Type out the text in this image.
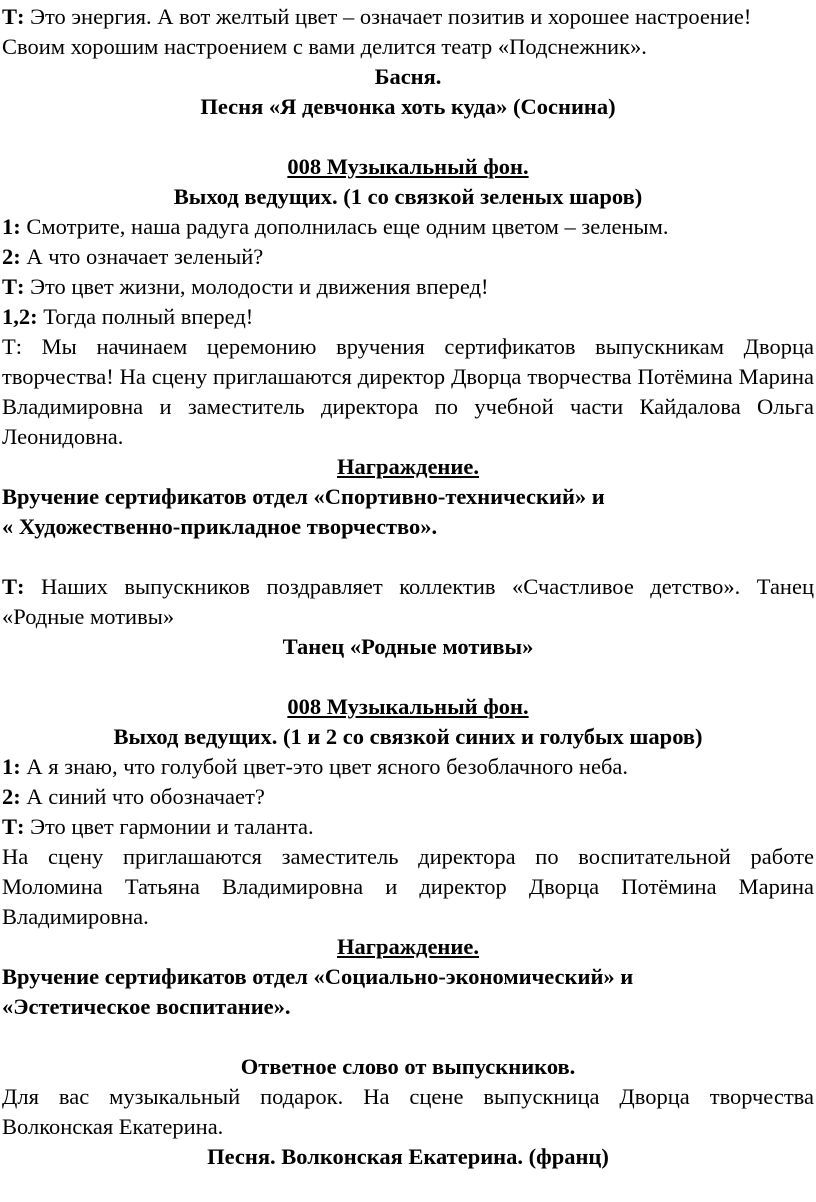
Т: Это энергия. А вот желтый цвет – означает позитив и хорошее настроение!

Своим хорошим настроением с вами делится театр «Подснежник».

Басня.

Песня «Я девчонка хоть куда» (Соснина)

008 Музыкальный фон.

Выход ведущих. (1 со связкой зеленых шаров)

1: Смотрите, наша радуга дополнилась еще одним цветом – зеленым.

2: А что означает зеленый?

Т: Это цвет жизни, молодости и движения вперед!

1,2: Тогда полный вперед!

Т: Мы начинаем церемонию вручения сертификатов выпускникам Дворца творчества! На сцену приглашаются директор Дворца творчества Потёмина Марина Владимировна и заместитель директора по учебной части Кайдалова Ольга Леонидовна.

Награждение.

Вручение сертификатов отдел «Спортивно-технический» и

« Художественно-прикладное творчество».

Т: Наших выпускников поздравляет коллектив «Счастливое детство». Танец «Родные мотивы»

Танец «Родные мотивы»

008 Музыкальный фон.

Выход ведущих. (1 и 2 со связкой синих и голубых шаров)

1: А я знаю, что голубой цвет-это цвет ясного безоблачного неба.

2: А синий что обозначает?

Т: Это цвет гармонии и таланта.

На сцену приглашаются заместитель директора по воспитательной работе Моломина Татьяна Владимировна и директор Дворца Потёмина Марина Владимировна.

Награждение.

Вручение сертификатов отдел «Социально-экономический» и

«Эстетическое воспитание».

Ответное слово от выпускников.

Для вас музыкальный подарок. На сцене выпускница Дворца творчества Волконская Екатерина.

Песня. Волконская Екатерина. (франц)
